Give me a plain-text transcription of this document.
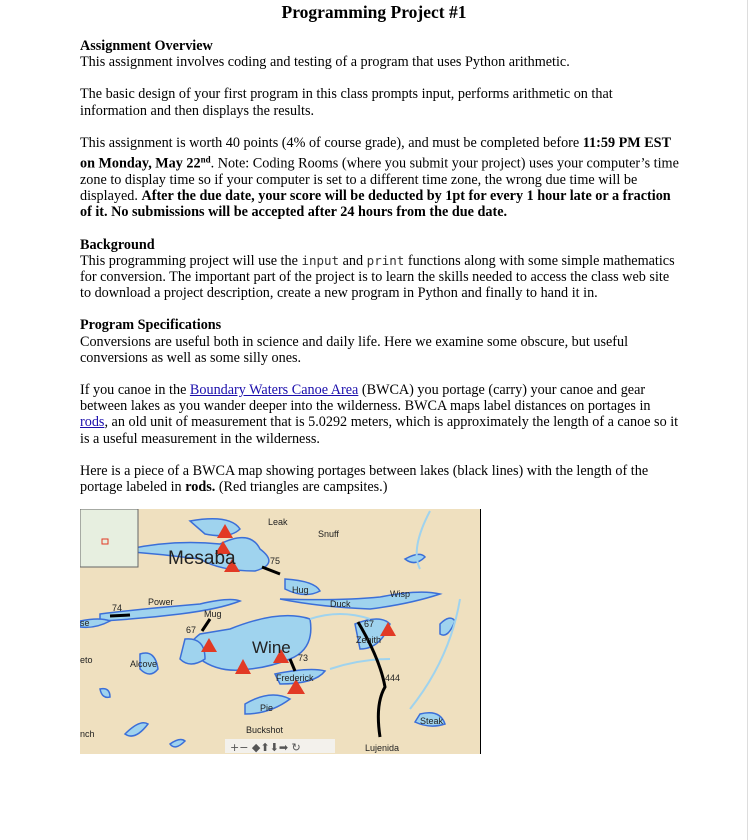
Programming Project #1

Assignment Overview
This assignment involves coding and testing of a program that uses Python arithmetic.

The basic design of your first program in this class prompts input, performs arithmetic on that information and then displays the results.

This assignment is worth 40 points (4% of course grade), and must be completed before 11:59 PM EST on Monday, May 22nd. Note: Coding Rooms (where you submit your project) uses your computer’s time zone to display time so if your computer is set to a different time zone, the wrong due time will be displayed. After the due date, your score will be deducted by 1pt for every 1 hour late or a fraction of it. No submissions will be accepted after 24 hours from the due date.

Background
This programming project will use the input and print functions along with some simple mathematics for conversion. The important part of the project is to learn the skills needed to access the class web site to download a project description, create a new program in Python and finally to hand it in.

Program Specifications
Conversions are useful both in science and daily life. Here we examine some obscure, but useful conversions as well as some silly ones.

If you canoe in the Boundary Waters Canoe Area (BWCA) you portage (carry) your canoe and gear between lakes as you wander deeper into the wilderness. BWCA maps label distances on portages in rods, an old unit of measurement that is 5.0292 meters, which is approximately the length of a canoe so it is a useful measurement in the wilderness.

Here is a piece of a BWCA map showing portages between lakes (black lines) with the length of the portage labeled in rods. (Red triangles are campsites.)

Leak
Snuff
Mesaba	75
Hug
Duck
Wisp
74
Power
Mug
67
Wine	Zenith
67
73
444
Frederick
Pie
Alcove
Steak
Buckshot
Lujenida
se
eto
nch
+− ◆⬆⬇➡ ↻
